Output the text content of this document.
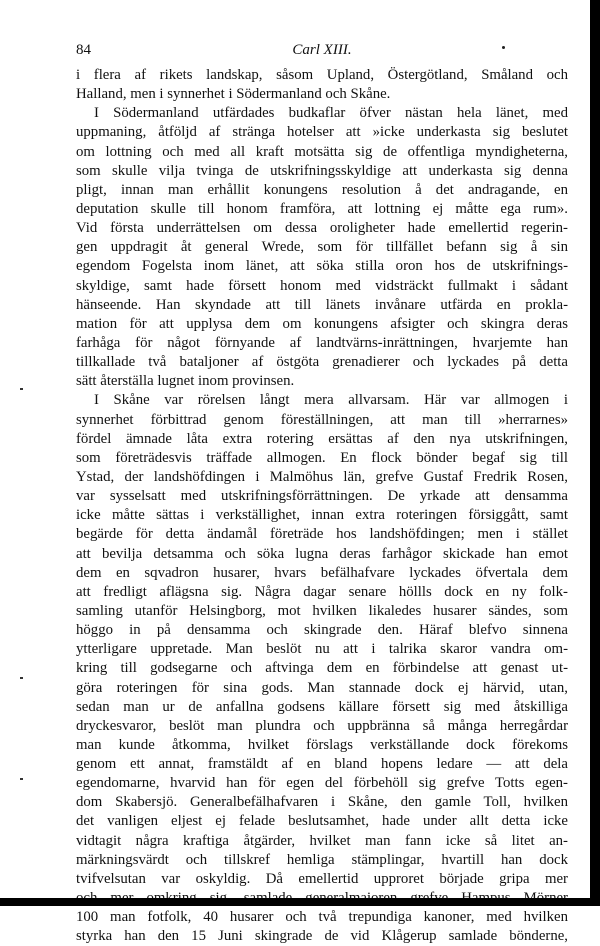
84	Carl XIII.
i flera af rikets landskap, såsom Upland, Östergötland, Småland och
Halland, men i synnerhet i Södermanland och Skåne.
I Södermanland utfärdades budkaflar öfver nästan hela länet, med
uppmaning, åtföljd af stränga hotelser att »icke underkasta sig beslutet
om lottning och med all kraft motsätta sig de offentliga myndigheterna,
som skulle vilja tvinga de utskrifningsskyldige att underkasta sig denna
pligt, innan man erhållit konungens resolution å det andragande, en
deputation skulle till honom framföra, att lottning ej måtte ega rum».
Vid första underrättelsen om dessa oroligheter hade emellertid regerin-
gen uppdragit åt general Wrede, som för tillfället befann sig å sin
egendom Fogelsta inom länet, att söka stilla oron hos de utskrifnings-
skyldige, samt hade försett honom med vidsträckt fullmakt i sådant
hänseende. Han skyndade att till länets invånare utfärda en prokla-
mation för att upplysa dem om konungens afsigter och skingra deras
farhåga för något förnyande af landtvärns-inrättningen, hvarjemte han
tillkallade två bataljoner af östgöta grenadierer och lyckades på detta
sätt återställa lugnet inom provinsen.
I Skåne var rörelsen långt mera allvarsam. Här var allmogen i
synnerhet förbittrad genom föreställningen, att man till »herrarnes»
fördel ämnade låta extra rotering ersättas af den nya utskrifningen,
som företrädesvis träffade allmogen. En flock bönder begaf sig till
Ystad, der landshöfdingen i Malmöhus län, grefve Gustaf Fredrik Rosen,
var sysselsatt med utskrifningsförrättningen. De yrkade att densamma
icke måtte sättas i verkställighet, innan extra roteringen försiggått, samt
begärde för detta ändamål företräde hos landshöfdingen; men i stället
att bevilja detsamma och söka lugna deras farhågor skickade han emot
dem en sqvadron husarer, hvars befälhafvare lyckades öfvertala dem
att fredligt aflägsna sig. Några dagar senare höllls dock en ny folk-
samling utanför Helsingborg, mot hvilken likaledes husarer sändes, som
höggo in på densamma och skingrade den. Häraf blefvo sinnena
ytterligare uppretade. Man beslöt nu att i talrika skaror vandra om-
kring till godsegarne och aftvinga dem en förbindelse att genast ut-
göra roteringen för sina gods. Man stannade dock ej härvid, utan,
sedan man ur de anfallna godsens källare försett sig med åtskilliga
dryckesvaror, beslöt man plundra och uppbränna så många herregårdar
man kunde åtkomma, hvilket förslags verkställande dock förekoms
genom ett annat, framstäldt af en bland hopens ledare — att dela
egendomarne, hvarvid han för egen del förbehöll sig grefve Totts egen-
dom Skabersjö. Generalbefälhafvaren i Skåne, den gamle Toll, hvilken
det vanligen eljest ej felade beslutsamhet, hade under allt detta icke
vidtagit några kraftiga åtgärder, hvilket man fann icke så litet an-
märkningsvärdt och tillskref hemliga stämplingar, hvartill han dock
tvifvelsutan var oskyldig. Då emellertid upproret började gripa mer
100 man fotfolk, 40 husarer och två trepundiga kanoner, med hvilken
styrka han den 15 Juni skingrade de vid Klågerup samlade bönderne,
